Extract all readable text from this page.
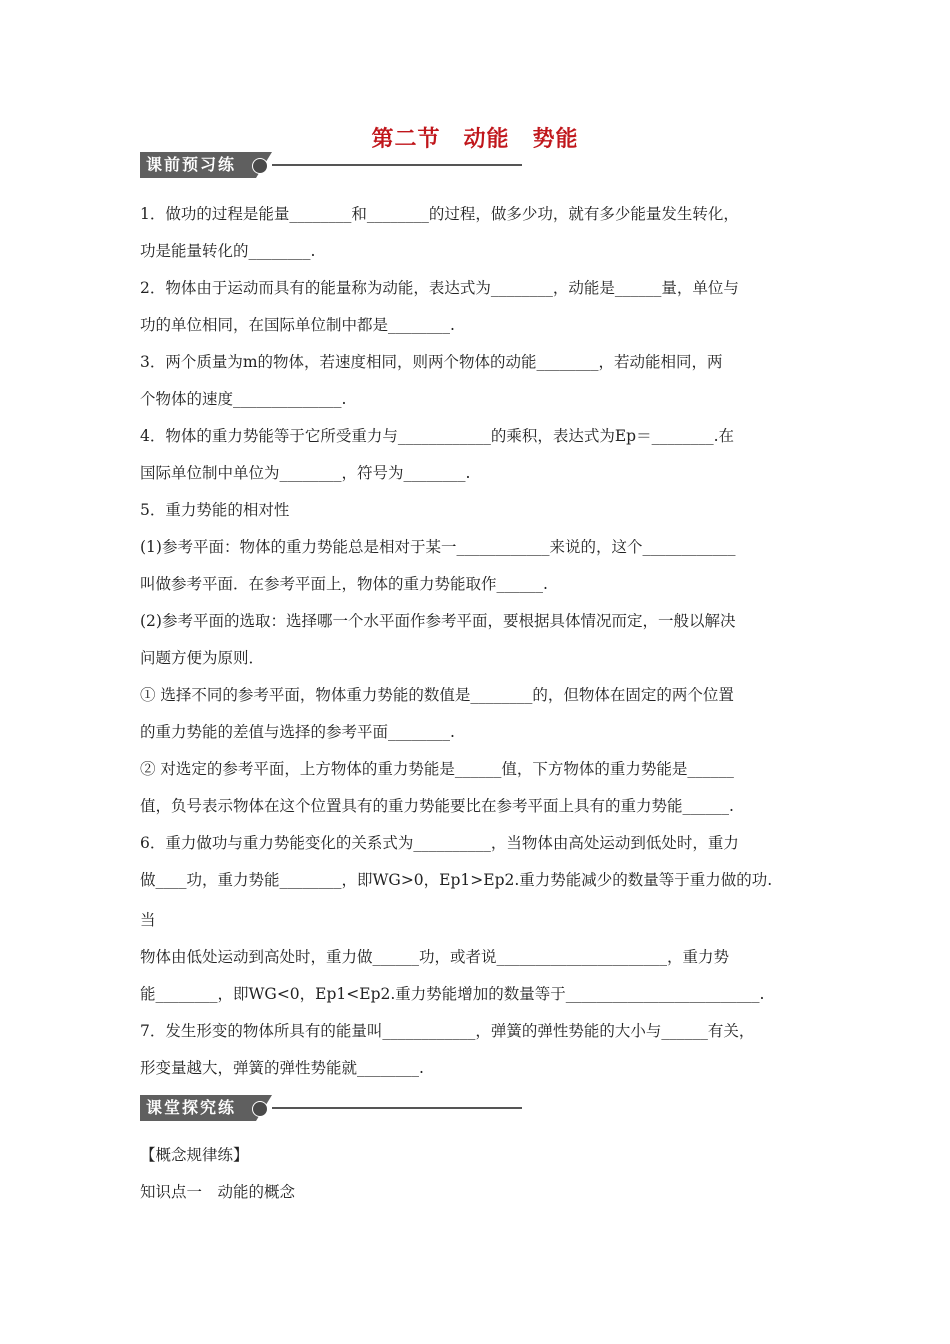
第二节　动能　势能
课前预习练
1．做功的过程是能量________和________的过程，做多少功，就有多少能量发生转化，
功是能量转化的________.
2．物体由于运动而具有的能量称为动能，表达式为________，动能是______量，单位与
功的单位相同，在国际单位制中都是________.
3．两个质量为m的物体，若速度相同，则两个物体的动能________，若动能相同，两
个物体的速度______________.
4．物体的重力势能等于它所受重力与____________的乘积，表达式为Ep＝________.在
国际单位制中单位为________，符号为________.
5．重力势能的相对性
(1)参考平面：物体的重力势能总是相对于某一____________来说的，这个____________
叫做参考平面．在参考平面上，物体的重力势能取作______.
(2)参考平面的选取：选择哪一个水平面作参考平面，要根据具体情况而定，一般以解决
问题方便为原则．
① 选择不同的参考平面，物体重力势能的数值是________的，但物体在固定的两个位置
的重力势能的差值与选择的参考平面________.
② 对选定的参考平面，上方物体的重力势能是______值，下方物体的重力势能是______
值，负号表示物体在这个位置具有的重力势能要比在参考平面上具有的重力势能______.
6．重力做功与重力势能变化的关系式为__________，当物体由高处运动到低处时，重力
做____功，重力势能________，即WG>0，Ep1>Ep2.重力势能减少的数量等于重力做的功.
当
物体由低处运动到高处时，重力做______功，或者说______________________，重力势
能________，即WG<0，Ep1<Ep2.重力势能增加的数量等于_________________________.
7．发生形变的物体所具有的能量叫____________，弹簧的弹性势能的大小与______有关，
形变量越大，弹簧的弹性势能就________.
课堂探究练
【概念规律练】
知识点一　动能的概念
